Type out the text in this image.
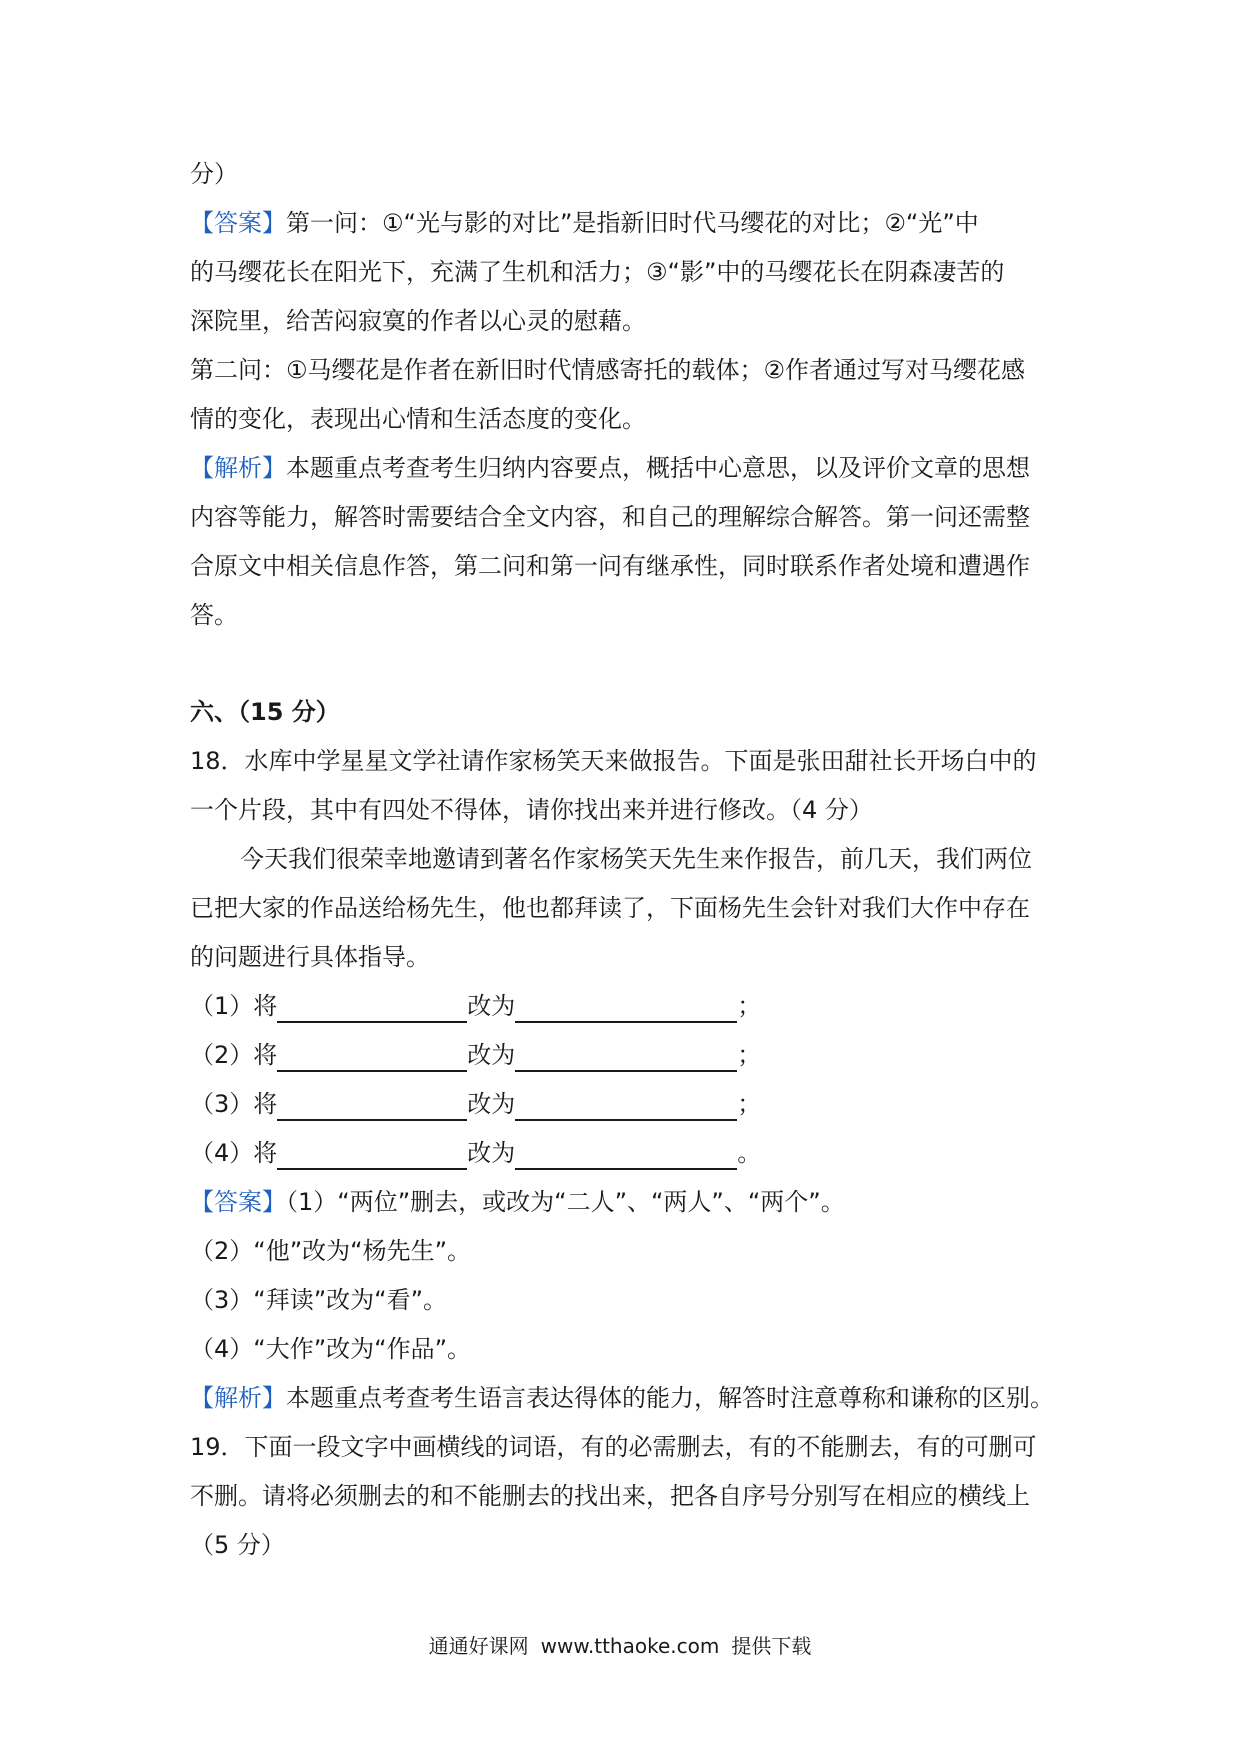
分）
【答案】第一问：①“光与影的对比”是指新旧时代马缨花的对比；②“光”中
的马缨花长在阳光下，充满了生机和活力；③“影”中的马缨花长在阴森凄苦的
深院里，给苦闷寂寞的作者以心灵的慰藉。
第二问：①马缨花是作者在新旧时代情感寄托的载体；②作者通过写对马缨花感
情的变化，表现出心情和生活态度的变化。
【解析】本题重点考查考生归纳内容要点，概括中心意思，以及评价文章的思想
内容等能力，解答时需要结合全文内容，和自己的理解综合解答。第一问还需整
合原文中相关信息作答，第二问和第一问有继承性，同时联系作者处境和遭遇作
答。
六、（15 分）
18．水库中学星星文学社请作家杨笑天来做报告。下面是张田甜社长开场白中的
一个片段，其中有四处不得体，请你找出来并进行修改。（4 分）
今天我们很荣幸地邀请到著名作家杨笑天先生来作报告，前几天，我们两位
已把大家的作品送给杨先生，他也都拜读了，下面杨先生会针对我们大作中存在
的问题进行具体指导。
（1）将	改为	；
（2）将	改为	；
（3）将	改为	；
（4）将	改为	。
【答案】（1）“两位”删去，或改为“二人”、“两人”、“两个”。
（2）“他”改为“杨先生”。
（3）“拜读”改为“看”。
（4）“大作”改为“作品”。
【解析】本题重点考查考生语言表达得体的能力，解答时注意尊称和谦称的区别。
19．下面一段文字中画横线的词语，有的必需删去，有的不能删去，有的可删可
不删。请将必须删去的和不能删去的找出来，把各自序号分别写在相应的横线上
（5 分）
通通好课网 www.tthaoke.com 提供下载
